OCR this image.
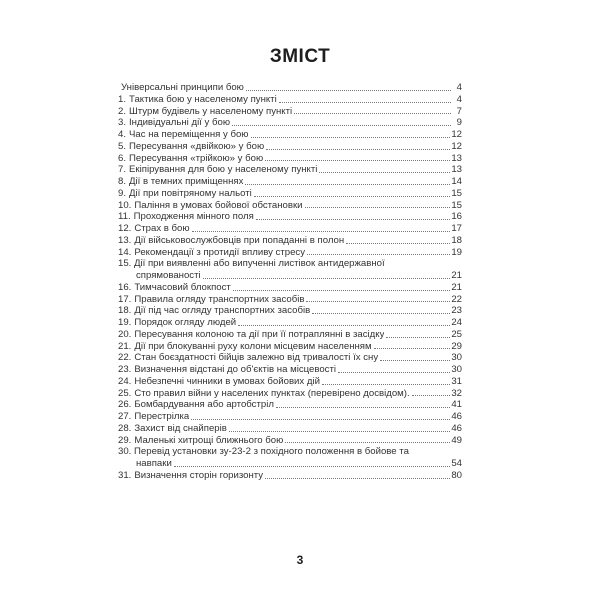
ЗМІСТ
Універсальні принципи бою	4
1. Тактика бою у населеному пункті	4
2. Штурм будівель у населеному пункті	7
3. Індивідуальні дії у бою	9
4. Час на переміщення у бою	12
5. Пересування «двійкою» у бою	12
6. Пересування «трійкою» у бою	13
7. Екіпірування для бою у населеному пункті	13
8. Дії в темних приміщеннях	14
9. Дії при повітряному нальоті	15
10. Паління в умовах бойової обстановки	15
11. Проходження мінного поля	16
12. Страх в бою	17
13. Дії військовослужбовців при попаданні в полон	18
14. Рекомендації з протидії впливу стресу	19
15. Дії при виявленні або випученні листівок антидержавної
спрямованості	21
16. Тимчасовий блокпост	21
17. Правила огляду транспортних засобів	22
18. Дії під час огляду транспортних засобів	23
19. Порядок огляду людей	24
20. Пересування колоною та дії при її потраплянні в засідку	25
21. Дії при блокуванні руху колони місцевим населенням	29
22. Стан боєздатності бійців залежно від тривалості їх сну	30
23. Визначення відстані до об'єктів на місцевості	30
24. Небезпечні чинники в умовах бойових дій	31
25. Сто правил війни у населених пунктах (перевірено досвідом).	32
26. Бомбардування або артобстріл	41
27. Перестрілка	46
28. Захист від снайперів	46
29. Маленькі хитрощі ближнього бою	49
30. Перевід установки зу-23-2 з похідного положення в бойове та
навпаки	54
31. Визначення сторін горизонту	80
3
